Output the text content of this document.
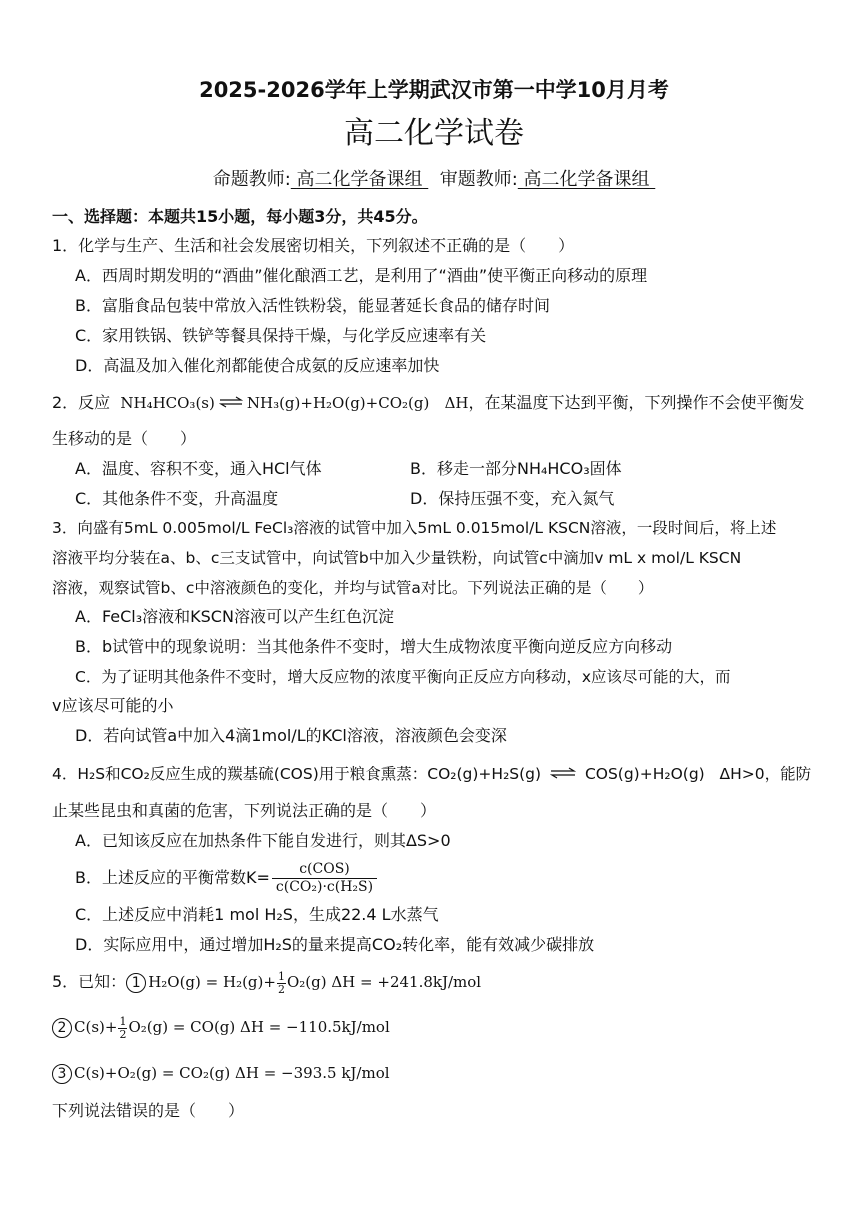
2025-2026学年上学期武汉市第一中学10月月考
高二化学试卷
命题教师: 高二化学备课组 审题教师: 高二化学备课组
一、选择题：本题共15小题，每小题3分，共45分。
1．化学与生产、生活和社会发展密切相关，下列叙述不正确的是（　　）
A．西周时期发明的“酒曲”催化酿酒工艺，是利用了“酒曲”使平衡正向移动的原理
B．富脂食品包装中常放入活性铁粉袋，能显著延长食品的储存时间
C．家用铁锅、铁铲等餐具保持干燥，与化学反应速率有关
D．高温及加入催化剂都能使合成氨的反应速率加快
2．反应 NH₄HCO₃(s) ⇌ NH₃(g)+H₂O(g)+CO₂(g) ΔH，在某温度下达到平衡，下列操作不会使平衡发
生移动的是（　　）
A．温度、容积不变，通入HCl气体	B．移走一部分NH₄HCO₃固体
C．其他条件不变，升高温度	D．保持压强不变，充入氮气
3．向盛有5mL 0.005mol/L FeCl₃溶液的试管中加入5mL 0.015mol/L KSCN溶液，一段时间后，将上述
溶液平均分装在a、b、c三支试管中，向试管b中加入少量铁粉，向试管c中滴加v mL x mol/L KSCN
溶液，观察试管b、c中溶液颜色的变化，并均与试管a对比。下列说法正确的是（　　）
A．FeCl₃溶液和KSCN溶液可以产生红色沉淀
B．b试管中的现象说明：当其他条件不变时，增大生成物浓度平衡向逆反应方向移动
C．为了证明其他条件不变时，增大反应物的浓度平衡向正反应方向移动，x应该尽可能的大，而
v应该尽可能的小
D．若向试管a中加入4滴1mol/L的KCl溶液，溶液颜色会变深
4．H₂S和CO₂反应生成的羰基硫(COS)用于粮食熏蒸：CO₂(g)+H₂S(g) ⇌ COS(g)+H₂O(g) ΔH>0，能防
止某些昆虫和真菌的危害，下列说法正确的是（　　）
A．已知该反应在加热条件下能自发进行，则其ΔS>0
B．上述反应的平衡常数$K= \frac{\text{c(COS)}}{\text{c(CO₂)·c(H₂S)}}$
C．上述反应中消耗1 mol H₂S，生成22.4 L水蒸气
D．实际应用中，通过增加H₂S的量来提高CO₂转化率，能有效减少碳排放
5．已知： 1 $H_2O(g) = H_2(g)+ \frac{1}{2} O_2(g) \Delta H = +241.8kJ/mol$
2 $C(s)+ \frac{1}{2} O_2(g) = CO(g) \Delta H = -110.5kJ/mol$
3 C(s)+O₂(g) = CO₂(g) ΔH = −393.5 kJ/mol
下列说法错误的是（　　）
